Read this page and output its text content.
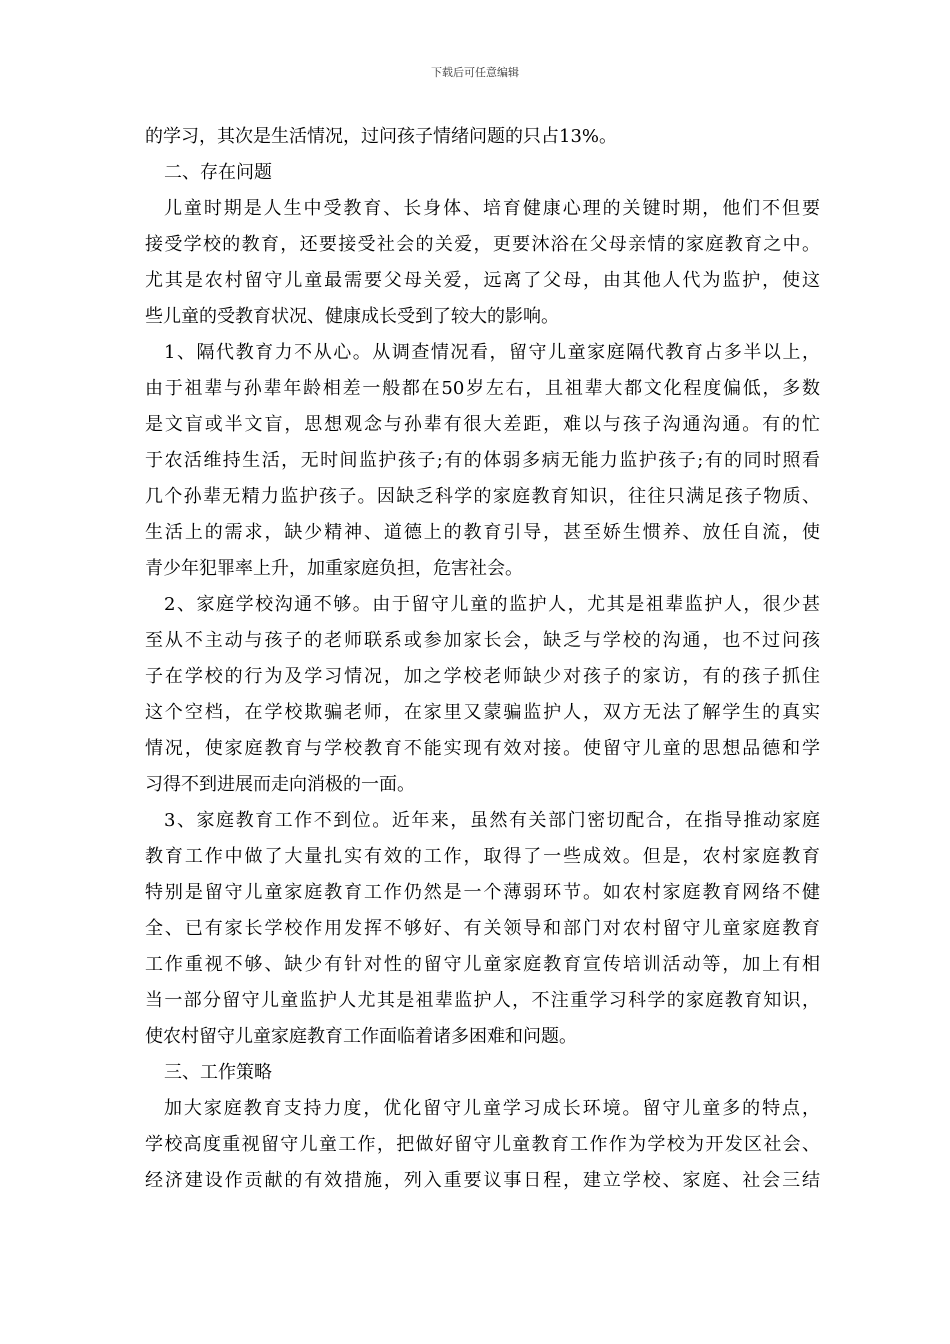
下载后可任意编辑
的学习，其次是生活情况，过问孩子情绪问题的只占13%。
二、存在问题
儿童时期是人生中受教育、长身体、培育健康心理的关键时期，他们不但要
接受学校的教育，还要接受社会的关爱，更要沐浴在父母亲情的家庭教育之中。
尤其是农村留守儿童最需要父母关爱，远离了父母，由其他人代为监护，使这
些儿童的受教育状况、健康成长受到了较大的影响。
1、隔代教育力不从心。从调查情况看，留守儿童家庭隔代教育占多半以上，
由于祖辈与孙辈年龄相差一般都在50岁左右，且祖辈大都文化程度偏低，多数
是文盲或半文盲，思想观念与孙辈有很大差距，难以与孩子沟通沟通。有的忙
于农活维持生活，无时间监护孩子;有的体弱多病无能力监护孩子;有的同时照看
几个孙辈无精力监护孩子。因缺乏科学的家庭教育知识，往往只满足孩子物质、
生活上的需求，缺少精神、道德上的教育引导，甚至娇生惯养、放任自流，使
青少年犯罪率上升，加重家庭负担，危害社会。
2、家庭学校沟通不够。由于留守儿童的监护人，尤其是祖辈监护人，很少甚
至从不主动与孩子的老师联系或参加家长会，缺乏与学校的沟通，也不过问孩
子在学校的行为及学习情况，加之学校老师缺少对孩子的家访，有的孩子抓住
这个空档，在学校欺骗老师，在家里又蒙骗监护人，双方无法了解学生的真实
情况，使家庭教育与学校教育不能实现有效对接。使留守儿童的思想品德和学
习得不到进展而走向消极的一面。
3、家庭教育工作不到位。近年来，虽然有关部门密切配合，在指导推动家庭
教育工作中做了大量扎实有效的工作，取得了一些成效。但是，农村家庭教育
特别是留守儿童家庭教育工作仍然是一个薄弱环节。如农村家庭教育网络不健
全、已有家长学校作用发挥不够好、有关领导和部门对农村留守儿童家庭教育
工作重视不够、缺少有针对性的留守儿童家庭教育宣传培训活动等，加上有相
当一部分留守儿童监护人尤其是祖辈监护人，不注重学习科学的家庭教育知识，
使农村留守儿童家庭教育工作面临着诸多困难和问题。
三、工作策略
加大家庭教育支持力度，优化留守儿童学习成长环境。留守儿童多的特点，
学校高度重视留守儿童工作，把做好留守儿童教育工作作为学校为开发区社会、
经济建设作贡献的有效措施，列入重要议事日程，建立学校、家庭、社会三结
